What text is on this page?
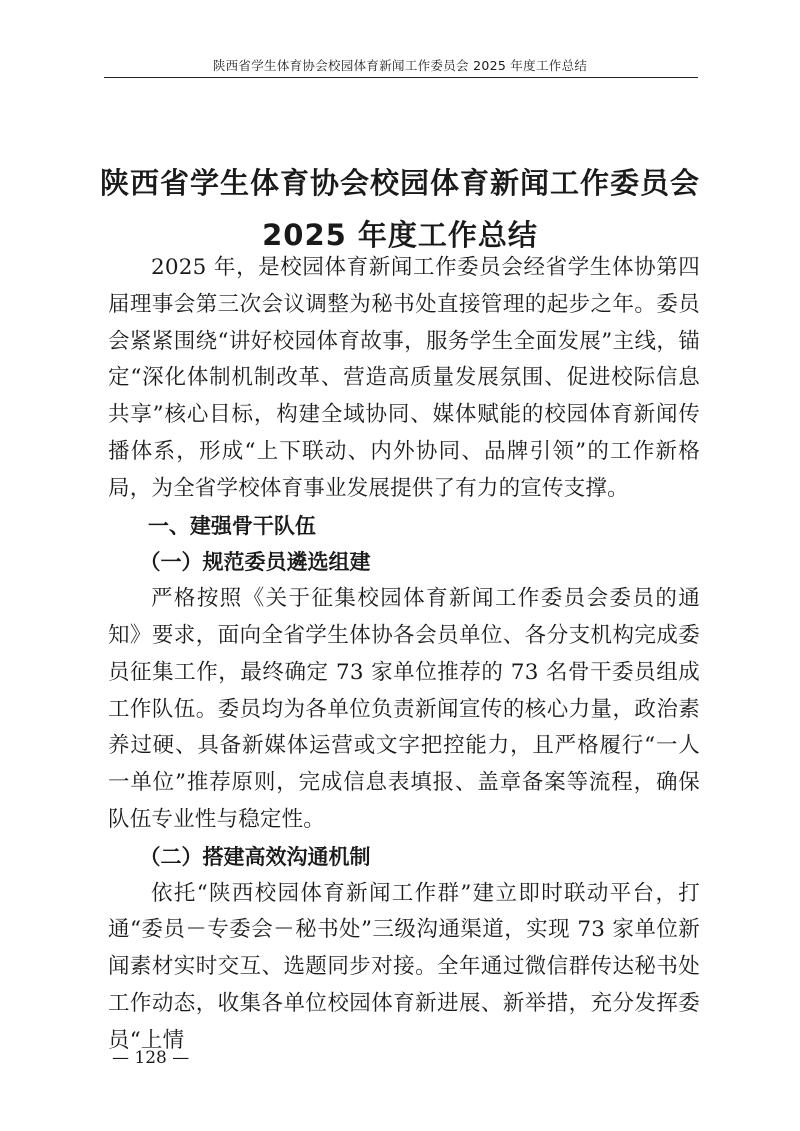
陕西省学生体育协会校园体育新闻工作委员会 2025 年度工作总结
陕西省学生体育协会校园体育新闻工作委员会
2025 年度工作总结

2025 年，是校园体育新闻工作委员会经省学生体协第四届理事会第三次会议调整为秘书处直接管理的起步之年。委员会紧紧围绕“讲好校园体育故事，服务学生全面发展”主线，锚定“深化体制机制改革、营造高质量发展氛围、促进校际信息共享”核心目标，构建全域协同、媒体赋能的校园体育新闻传播体系，形成“上下联动、内外协同、品牌引领”的工作新格局，为全省学校体育事业发展提供了有力的宣传支撑。

一、建强骨干队伍

（一）规范委员遴选组建

严格按照《关于征集校园体育新闻工作委员会委员的通知》要求，面向全省学生体协各会员单位、各分支机构完成委员征集工作，最终确定 73 家单位推荐的 73 名骨干委员组成工作队伍。委员均为各单位负责新闻宣传的核心力量，政治素养过硬、具备新媒体运营或文字把控能力，且严格履行“一人一单位”推荐原则，完成信息表填报、盖章备案等流程，确保队伍专业性与稳定性。

（二）搭建高效沟通机制

依托“陕西校园体育新闻工作群”建立即时联动平台，打通“委员－专委会－秘书处”三级沟通渠道，实现 73 家单位新闻素材实时交互、选题同步对接。全年通过微信群传达秘书处工作动态，收集各单位校园体育新进展、新举措，充分发挥委员“上情

— 128 —
